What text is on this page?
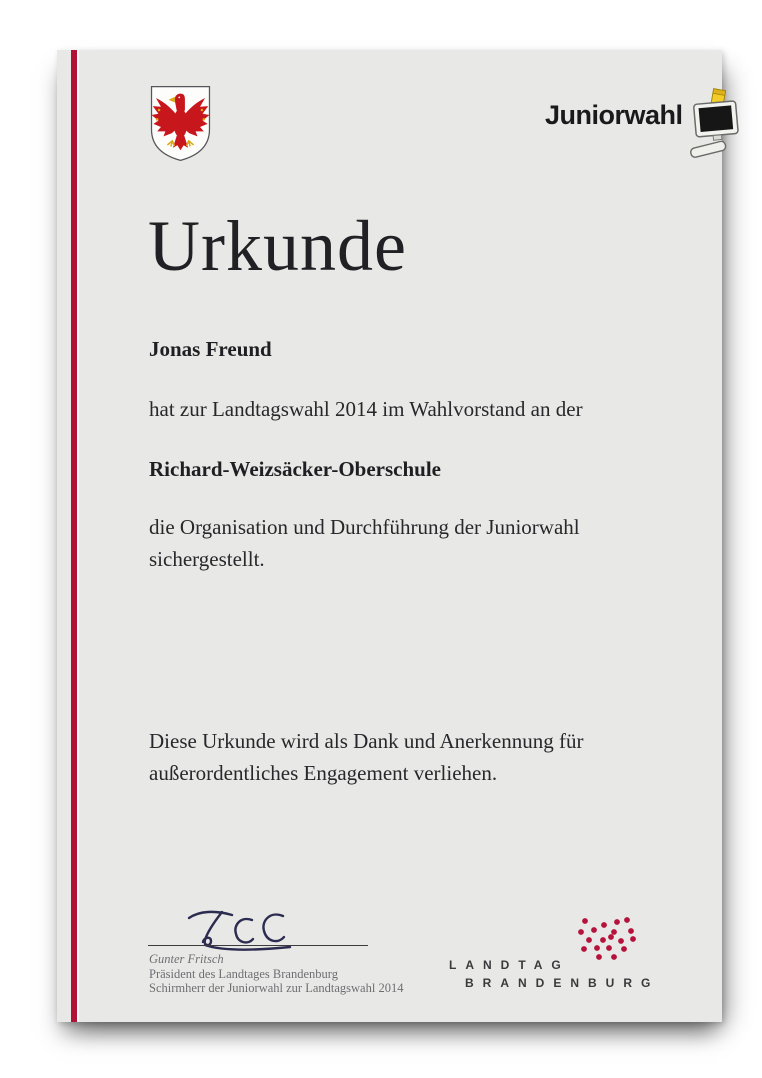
Juniorwahl
Urkunde
Jonas Freund
hat zur Landtagswahl 2014 im Wahlvorstand an der
Richard-Weizsäcker-Oberschule
die Organisation und Durchführung der Juniorwahl
sichergestellt.
Diese Urkunde wird als Dank und Anerkennung für
außerordentliches Engagement verliehen.
Gunter Fritsch
Präsident des Landtages Brandenburg
Schirmherr der Juniorwahl zur Landtagswahl 2014
LANDTAG
BRANDENBURG
